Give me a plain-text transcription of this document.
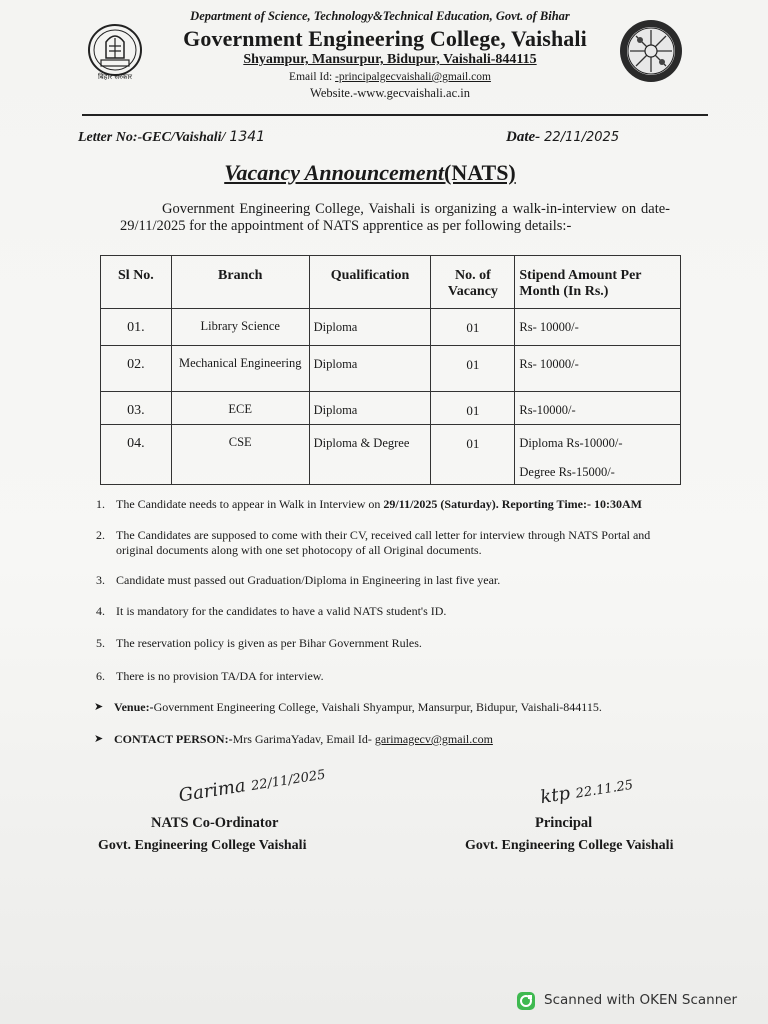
बिहार सरकार
Department of Science, Technology&Technical Education, Govt. of Bihar
Government Engineering College, Vaishali
Shyampur, Mansurpur, Bidupur, Vaishali-844115
Email Id: -principalgecvaishali@gmail.com
Website.-www.gecvaishali.ac.in
Letter No:-GEC/Vaishali/ 1341	Date- 22/11/2025
Vacancy Announcement(NATS)
Government Engineering College, Vaishali is organizing a walk-in-interview on date-29/11/2025 for the appointment of NATS apprentice as per following details:-
Sl No.	Branch	Qualification	No. of Vacancy	Stipend Amount Per Month (In Rs.)
01.	Library Science	Diploma	01	Rs- 10000/-
02.	Mechanical Engineering	Diploma	01	Rs- 10000/-
03.	ECE	Diploma	01	Rs-10000/-
04.	CSE	Diploma & Degree	01	Diploma Rs-10000/-
Degree Rs-15000/-
1. The Candidate needs to appear in Walk in Interview on 29/11/2025 (Saturday). Reporting Time:- 10:30AM
2. The Candidates are supposed to come with their CV, received call letter for interview through NATS Portal and original documents along with one set photocopy of all Original documents.
3. Candidate must passed out Graduation/Diploma in Engineering in last five year.
4. It is mandatory for the candidates to have a valid NATS student's ID.
5. The reservation policy is given as per Bihar Government Rules.
6. There is no provision TA/DA for interview.
➤ Venue:-Government Engineering College, Vaishali Shyampur, Mansurpur, Bidupur, Vaishali-844115.
➤ CONTACT PERSON:-Mrs GarimaYadav, Email Id- garimagecv@gmail.com
Garima 22/11/2025
NATS Co-Ordinator
Govt. Engineering College Vaishali
ktp 22.11.25
Principal
Govt. Engineering College Vaishali
Scanned with OKEN Scanner
